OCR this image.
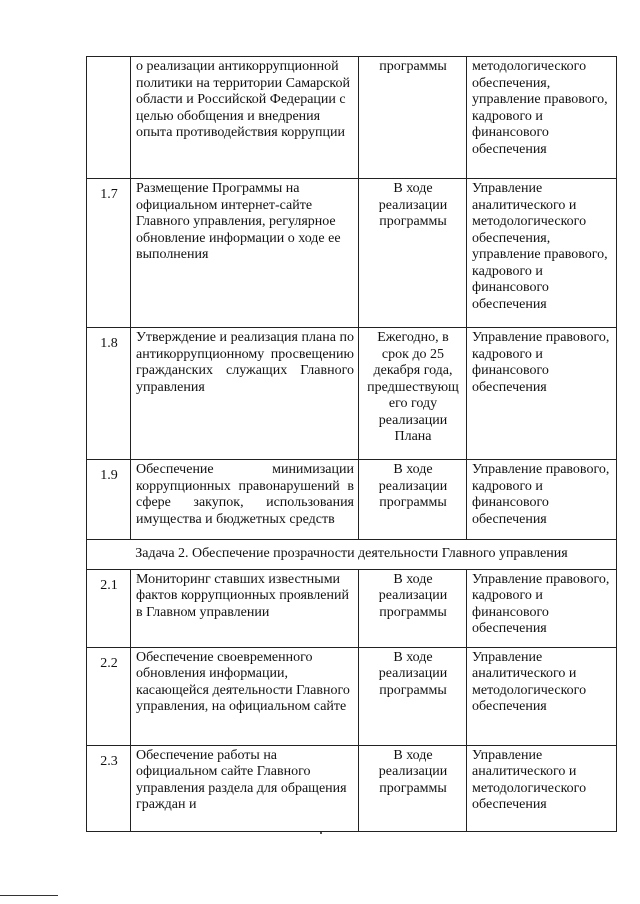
	о реализации антикоррупционной политики на территории Самарской области и Российской Федерации с целью обобщения и внедрения опыта противодействия коррупции	программы	методологического обеспечения, управление правового, кадрового и финансового обеспечения
1.7	Размещение Программы на официальном интернет-сайте Главного управления, регулярное обновление информации о ходе ее выполнения	В ходе реализации программы	Управление аналитического и методологического обеспечения, управление правового, кадрового и финансового обеспечения
1.8	Утверждение и реализация плана по антикоррупционному просвещению гражданских служащих Главного управления	Ежегодно, в срок до 25 декабря года, предшествующ его году реализации Плана	Управление правового, кадрового и финансового обеспечения
1.9	Обеспечение минимизации коррупционных правонарушений в сфере закупок, использования имущества и бюджетных средств	В ходе реализации программы	Управление правового, кадрового и финансового обеспечения
Задача 2. Обеспечение прозрачности деятельности Главного управления			
2.1	Мониторинг ставших известными фактов коррупционных проявлений в Главном управлении	В ходе реализации программы	Управление правового, кадрового и финансового обеспечения
2.2	Обеспечение своевременного обновления информации, касающейся деятельности Главного управления, на официальном сайте	В ходе реализации программы	Управление аналитического и методологического обеспечения
2.3	Обеспечение работы на официальном сайте Главного управления раздела для обращения граждан и	В ходе реализации программы	Управление аналитического и методологического обеспечения
